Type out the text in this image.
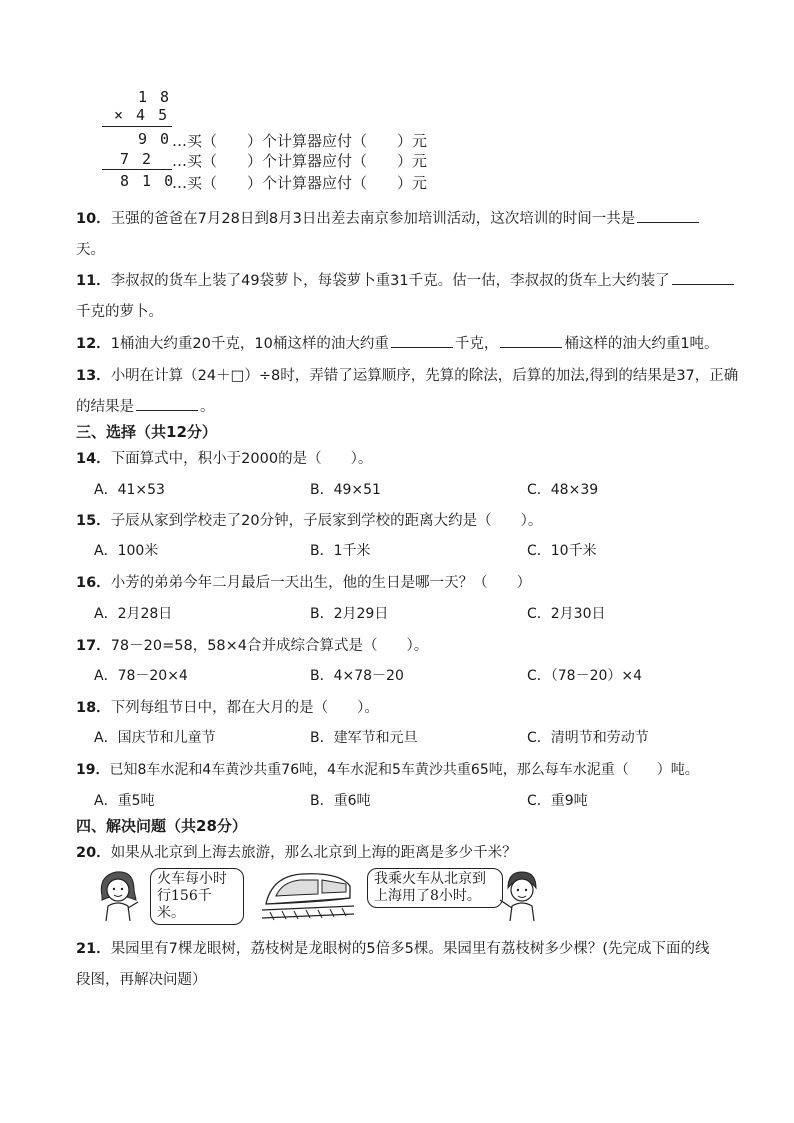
1 8
× 4 5
9 0 …买（　　）个计算器应付（　　）元
7 2 …买（　　）个计算器应付（　　）元
8 1 0
…买（　　）个计算器应付（　　）元
10．王强的爸爸在7月28日到8月3日出差去南京参加培训活动，这次培训的时间一共是
天。
11．李叔叔的货车上装了49袋萝卜，每袋萝卜重31千克。估一估，李叔叔的货车上大约装了
千克的萝卜。
12．1桶油大约重20千克，10桶这样的油大约重	千克，	桶这样的油大约重1吨。
13．小明在计算（24＋□）÷8时，弄错了运算顺序，先算的除法，后算的加法,得到的结果是37，正确
的结果是	。
三、选择（共12分）
14．下面算式中，积小于2000的是（　　）。
A．41×53	B．49×51	C．48×39
15．子辰从家到学校走了20分钟，子辰家到学校的距离大约是（　　）。
A．100米	B．1千米	C．10千米
16．小芳的弟弟今年二月最后一天出生，他的生日是哪一天？（　　）
A．2月28日	B．2月29日	C．2月30日
17．78－20=58，58×4合并成综合算式是（　　）。
A．78－20×4	B．4×78－20	C．（78－20）×4
18．下列每组节日中，都在大月的是（　　）。
A．国庆节和儿童节	B．建军节和元旦	C．清明节和劳动节
19．已知8车水泥和4车黄沙共重76吨，4车水泥和5车黄沙共重65吨，那么每车水泥重（　　）吨。
A．重5吨	B．重6吨	C．重9吨
四、解决问题（共28分）
20．如果从北京到上海去旅游，那么北京到上海的距离是多少千米？
火车每小时
行156千米。
我乘火车从北京到
上海用了8小时。
21．果园里有7棵龙眼树，荔枝树是龙眼树的5倍多5棵。果园里有荔枝树多少棵？(先完成下面的线
段图，再解决问题）
